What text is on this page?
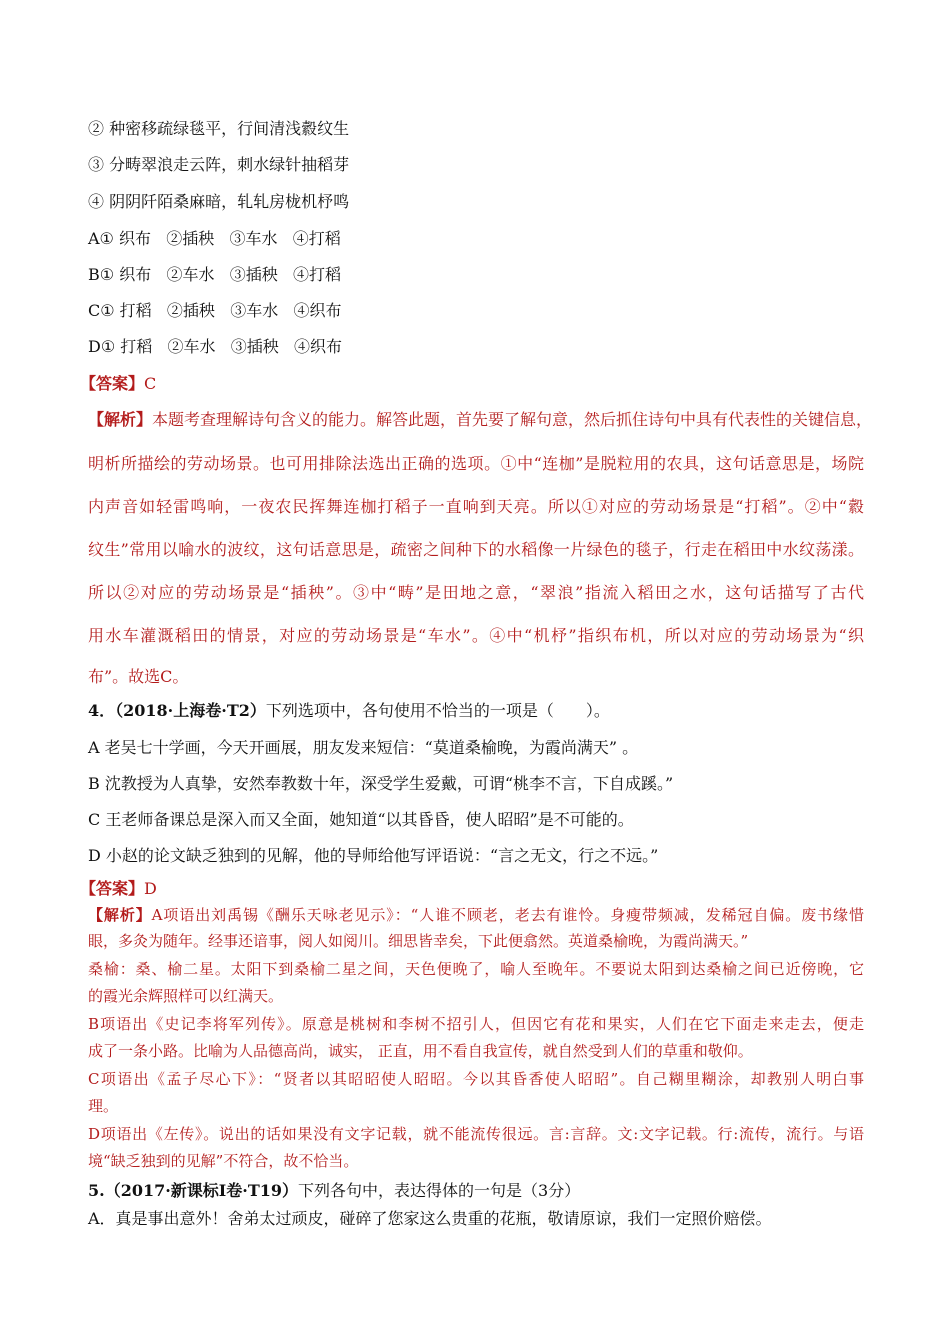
② 种密移疏绿毯平，行间清浅縠纹生
③ 分畴翠浪走云阵，刺水绿针抽稻芽
④ 阴阴阡陌桑麻暗，轧轧房栊机杼鸣
A① 织布   ②插秧   ③车水   ④打稻
B① 织布   ②车水   ③插秧   ④打稻
C① 打稻   ②插秧   ③车水   ④织布
D① 打稻   ②车水   ③插秧   ④织布
【答案】C
【解析】本题考查理解诗句含义的能力。解答此题，首先要了解句意，然后抓住诗句中具有代表性的关键信息，
明析所描绘的劳动场景。也可用排除法选出正确的选项。①中“连枷”是脱粒用的农具，这句话意思是，场院
内声音如轻雷鸣响，一夜农民挥舞连枷打稻子一直响到天亮。所以①对应的劳动场景是“打稻”。②中“縠
纹生”常用以喻水的波纹，这句话意思是，疏密之间种下的水稻像一片绿色的毯子，行走在稻田中水纹荡漾。
所以②对应的劳动场景是“插秧”。③中“畴”是田地之意，“翠浪”指流入稻田之水，这句话描写了古代
用水车灌溉稻田的情景，对应的劳动场景是“车水”。④中“机杼”指织布机，所以对应的劳动场景为“织
布”。故选C。
4．（2018·上海卷·T2）下列选项中，各句使用不恰当的一项是（　　）。
A 老吴七十学画，今天开画展，朋友发来短信：“莫道桑榆晚，为霞尚满天” 。
B 沈教授为人真挚，安然奉教数十年，深受学生爱戴，可谓“桃李不言，下自成蹊。”
C 王老师备课总是深入而又全面，她知道“以其昏昏，使人昭昭”是不可能的。
D 小赵的论文缺乏独到的见解，他的导师给他写评语说：“言之无文，行之不远。”
【答案】D
【解析】A项语出刘禹锡《酬乐天咏老见示》：“人谁不顾老，老去有谁怜。身瘦带频减，发稀冠自偏。废书缘惜
眼，多灸为随年。经事还谙事，阅人如阅川。细思皆幸矣，下此便翕然。英道桑榆晚，为霞尚满天。”
桑榆：桑、榆二星。太阳下到桑榆二星之间，天色便晚了，喻人至晚年。不要说太阳到达桑榆之间已近傍晚，它
的霞光余辉照样可以红满天。
B项语出《史记李将军列传》。原意是桃树和李树不招引人，但因它有花和果实，人们在它下面走来走去，便走
成了一条小路。比喻为人品德高尚，诚实， 正直，用不看自我宣传，就自然受到人们的草重和敬仰。
C项语出《孟子尽心下》：“贤者以其昭昭使人昭昭。今以其昏香使人昭昭”。自己糊里糊涂，却教别人明白事
理。
D项语出《左传》。说出的话如果没有文字记载，就不能流传很远。言:言辞。文:文字记载。行:流传，流行。与语
境“缺乏独到的见解”不符合，故不恰当。
5.（2017·新课标Ⅰ卷·T19）下列各句中，表达得体的一句是（3分）
A．真是事出意外！舍弟太过顽皮，碰碎了您家这么贵重的花瓶，敬请原谅，我们一定照价赔偿。
